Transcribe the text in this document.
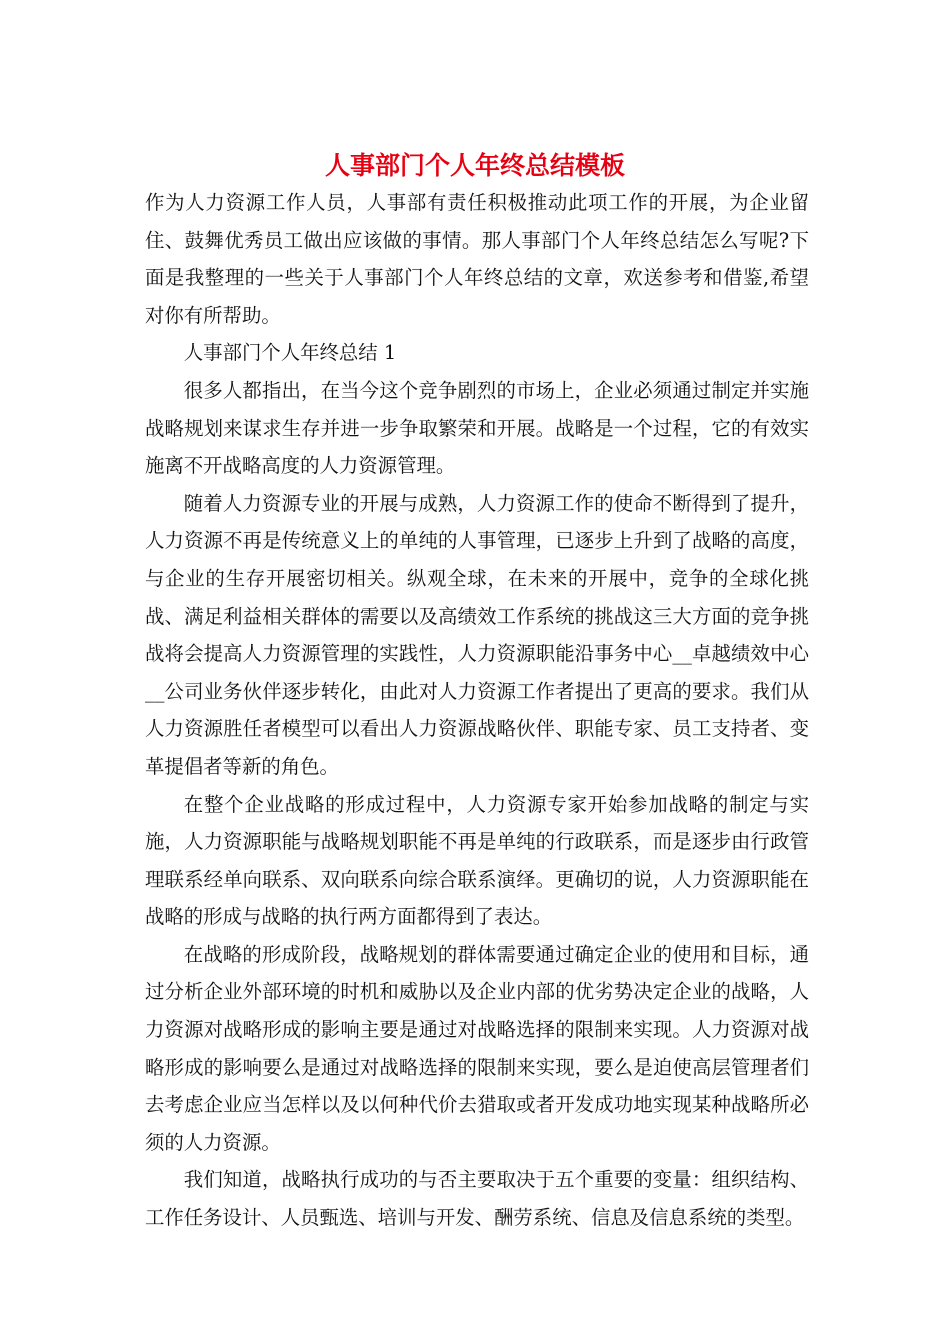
人事部门个人年终总结模板

作为人力资源工作人员，人事部有责任积极推动此项工作的开展，为企业留住、鼓舞优秀员工做出应该做的事情。那人事部门个人年终总结怎么写呢?下面是我整理的一些关于人事部门个人年终总结的文章，欢送参考和借鉴,希望对你有所帮助。

人事部门个人年终总结 1

很多人都指出，在当今这个竞争剧烈的市场上，企业必须通过制定并实施战略规划来谋求生存并进一步争取繁荣和开展。战略是一个过程，它的有效实施离不开战略高度的人力资源管理。

随着人力资源专业的开展与成熟，人力资源工作的使命不断得到了提升，人力资源不再是传统意义上的单纯的人事管理，已逐步上升到了战略的高度，与企业的生存开展密切相关。纵观全球，在未来的开展中，竞争的全球化挑战、满足利益相关群体的需要以及高绩效工作系统的挑战这三大方面的竞争挑战将会提高人力资源管理的实践性，人力资源职能沿事务中心__卓越绩效中心__公司业务伙伴逐步转化，由此对人力资源工作者提出了更高的要求。我们从人力资源胜任者模型可以看出人力资源战略伙伴、职能专家、员工支持者、变革提倡者等新的角色。

在整个企业战略的形成过程中，人力资源专家开始参加战略的制定与实施，人力资源职能与战略规划职能不再是单纯的行政联系，而是逐步由行政管理联系经单向联系、双向联系向综合联系演绎。更确切的说，人力资源职能在战略的形成与战略的执行两方面都得到了表达。

在战略的形成阶段，战略规划的群体需要通过确定企业的使用和目标，通过分析企业外部环境的时机和威胁以及企业内部的优劣势决定企业的战略，人力资源对战略形成的影响主要是通过对战略选择的限制来实现。人力资源对战略形成的影响要么是通过对战略选择的限制来实现，要么是迫使高层管理者们去考虑企业应当怎样以及以何种代价去猎取或者开发成功地实现某种战略所必须的人力资源。

我们知道，战略执行成功的与否主要取决于五个重要的变量：组织结构、工作任务设计、人员甄选、培训与开发、酬劳系统、信息及信息系统的类型。
